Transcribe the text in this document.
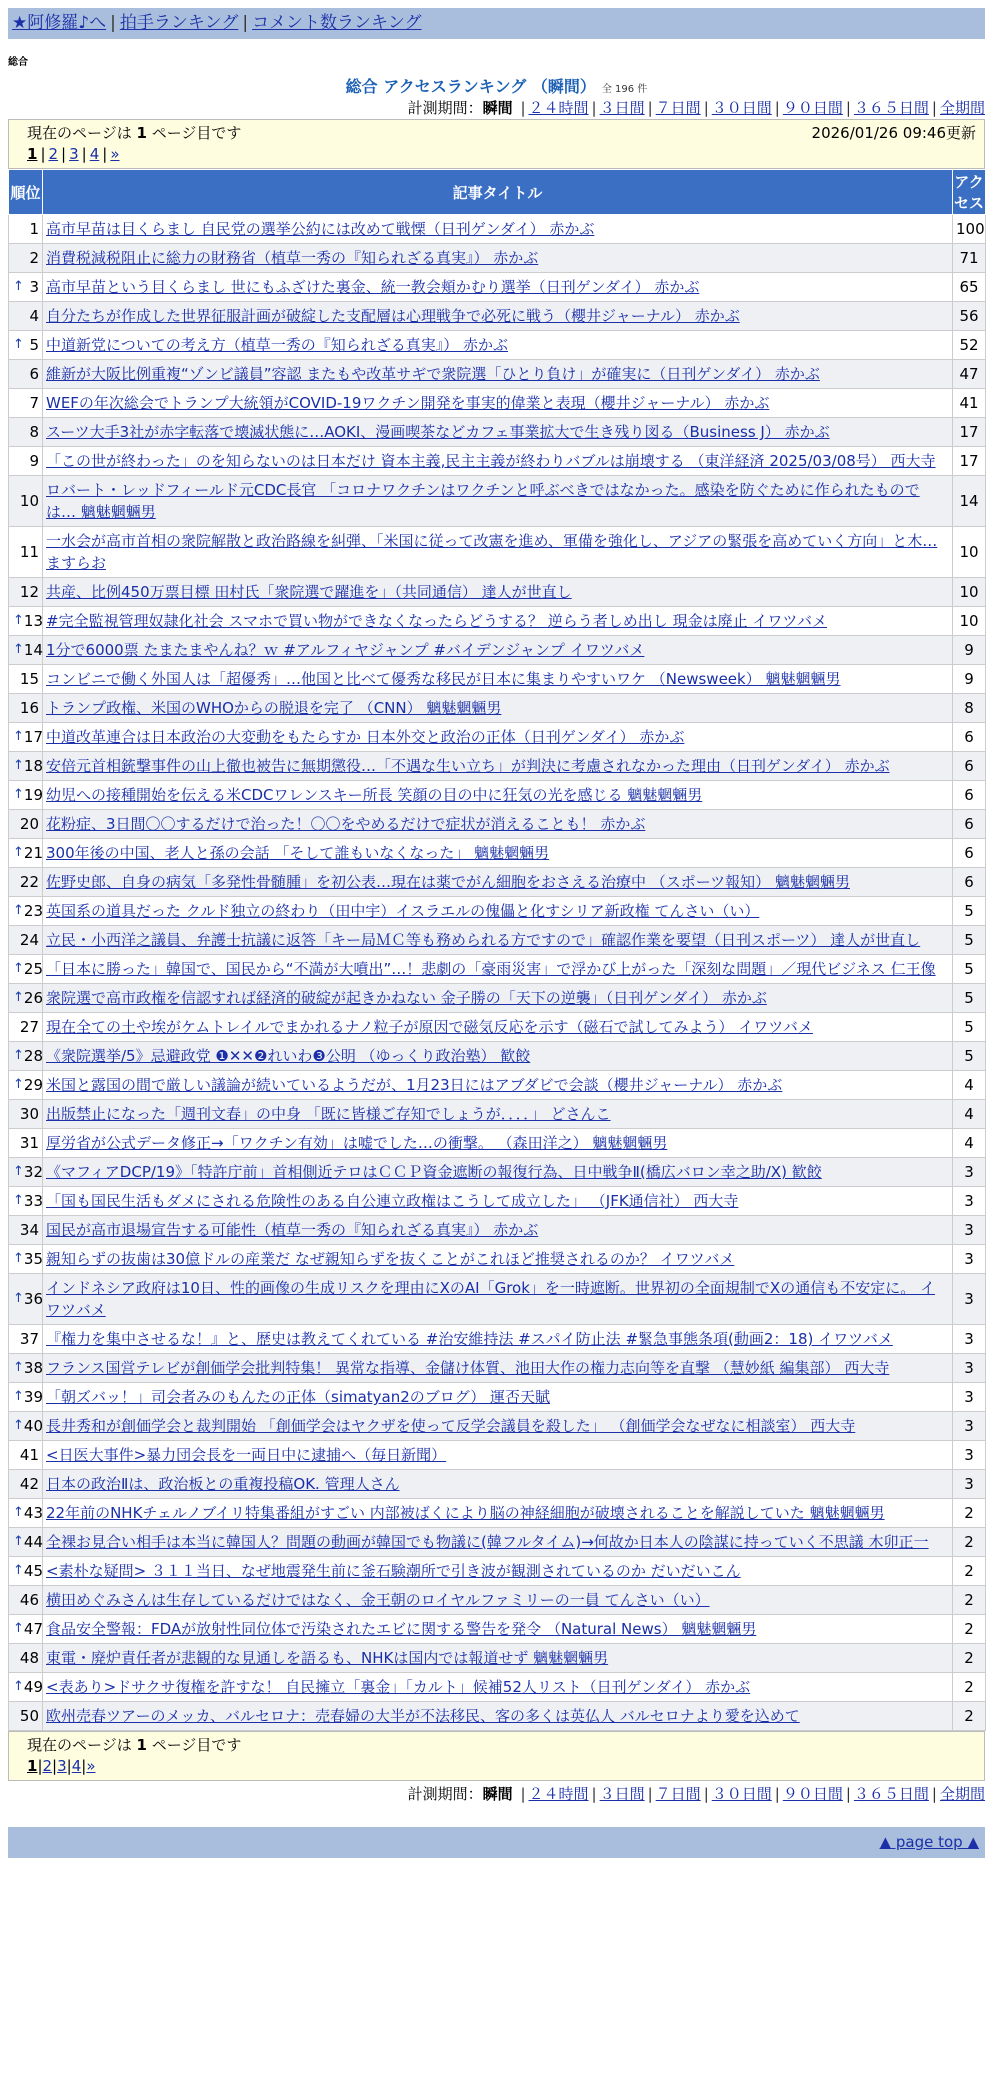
★阿修羅♪へ | 拍手ランキング | コメント数ランキング
総合
総合 アクセスランキング （瞬間） 全 196 件
計測期間：瞬間 | ２４時間 | ３日間 | ７日間 | ３０日間 | ９０日間 | ３６５日間 | 全期間
現在のページは 1 ページ目です	2026/01/26 09:46更新
1 | 2 | 3 | 4 | »
順位	記事タイトル	アクセス
1	高市早苗は目くらまし 自民党の選挙公約には改めて戦慄（日刊ゲンダイ） 赤かぶ	100
2	消費税減税阻止に総力の財務省（植草一秀の『知られざる真実』） 赤かぶ	71

↑ 3	高市早苗という目くらまし 世にもふざけた裏金、統一教会頬かむり選挙（日刊ゲンダイ） 赤かぶ	65
4	自分たちが作成した世界征服計画が破綻した支配層は心理戦争で必死に戦う（櫻井ジャーナル） 赤かぶ	56

↑ 5	中道新党についての考え方（植草一秀の『知られざる真実』） 赤かぶ	52
6	維新が大阪比例重複“ゾンビ議員”容認 またもや改革サギで衆院選「ひとり負け」が確実に（日刊ゲンダイ） 赤かぶ	47
7	WEFの年次総会でトランプ大統領がCOVID-19ワクチン開発を事実的偉業と表現（櫻井ジャーナル） 赤かぶ	41
8	スーツ大手3社が赤字転落で壊滅状態に…AOKI、漫画喫茶などカフェ事業拡大で生き残り図る（Business J） 赤かぶ	17
9	「この世が終わった」のを知らないのは日本だけ 資本主義,民主主義が終わりバブルは崩壊する （東洋経済 2025/03/08号） 西大寺	17
10	ロバート・レッドフィールド元CDC長官 「コロナワクチンはワクチンと呼ぶべきではなかった。感染を防ぐために作られたものでは… 魑魅魍魎男	14
11	一水会が高市首相の衆院解散と政治路線を糾弾、「米国に従って改憲を進め、軍備を強化し、アジアの緊張を高めていく方向」と木… ますらお	10
12	共産、比例450万票目標 田村氏「衆院選で躍進を」（共同通信） 達人が世直し	10

↑ 13	#完全監視管理奴隷化社会 スマホで買い物ができなくなったらどうする？ 逆らう者しめ出し 現金は廃止 イワツバメ	10

↑ 14	1分で6000票 たまたまやんね？ｗ #アルフィヤジャンプ #バイデンジャンプ イワツバメ	9
15	コンビニで働く外国人は「超優秀」…他国と比べて優秀な移民が日本に集まりやすいワケ （Newsweek） 魑魅魍魎男	9
16	トランプ政権、米国のWHOからの脱退を完了 （CNN） 魑魅魍魎男	8

↑ 17	中道改革連合は日本政治の大変動をもたらすか 日本外交と政治の正体（日刊ゲンダイ） 赤かぶ	6

↑ 18	安倍元首相銃撃事件の山上徹也被告に無期懲役…「不遇な生い立ち」が判決に考慮されなかった理由（日刊ゲンダイ） 赤かぶ	6

↑ 19	幼児への接種開始を伝える米CDCワレンスキー所長 笑顔の目の中に狂気の光を感じる 魑魅魍魎男	6
20	花粉症、3日間〇〇するだけで治った！〇〇をやめるだけで症状が消えることも！ 赤かぶ	6

↑ 21	300年後の中国、老人と孫の会話 「そして誰もいなくなった」 魑魅魍魎男	6
22	佐野史郎、自身の病気「多発性骨髄腫」を初公表…現在は薬でがん細胞をおさえる治療中 （スポーツ報知） 魑魅魍魎男	6

↑ 23	英国系の道具だった クルド独立の終わり（田中宇）イスラエルの傀儡と化すシリア新政権 てんさい（い）	5
24	立民・小西洋之議員、弁護士抗議に返答「キー局ＭＣ等も務められる方ですので」確認作業を要望（日刊スポーツ） 達人が世直し	5

↑ 25	「日本に勝った」韓国で、国民から“不満が大噴出”…！悲劇の「豪雨災害」で浮かび上がった「深刻な問題」／現代ビジネス 仁王像	5

↑ 26	衆院選で高市政権を信認すれば経済的破綻が起きかねない 金子勝の「天下の逆襲」（日刊ゲンダイ） 赤かぶ	5
27	現在全ての土や埃がケムトレイルでまかれるナノ粒子が原因で磁気反応を示す（磁石で試してみよう） イワツバメ	5

↑ 28	《衆院選挙/5》忌避政党 ❶✕✕❷れいわ❸公明 （ゆっくり政治塾） 歓餃	5

↑ 29	米国と露国の間で厳しい議論が続いているようだが、1月23日にはアブダビで会談（櫻井ジャーナル） 赤かぶ	4
30	出版禁止になった「週刊文春」の中身 「既に皆様ご存知でしょうが．．．．」 どさんこ	4
31	厚労省が公式データ修正→「ワクチン有効」は嘘でした…の衝撃。 （森田洋之） 魑魅魍魎男	4

↑ 32	《マフィアDCP/19》「特許庁前」首相側近テロはＣＣＰ資金遮断の報復行為、日中戦争Ⅱ(橋広バロン幸之助/X) 歓餃	3

↑ 33	「国も国民生活もダメにされる危険性のある自公連立政権はこうして成立した」 （JFK通信社） 西大寺	3
34	国民が高市退場宣告する可能性（植草一秀の『知られざる真実』） 赤かぶ	3

↑ 35	親知らずの抜歯は30億ドルの産業だ なぜ親知らずを抜くことがこれほど推奨されるのか？ イワツバメ	3

↑ 36	インドネシア政府は10日、性的画像の生成リスクを理由にXのAI「Grok」を一時遮断。世界初の全面規制でXの通信も不安定に。 イワツバメ	3
37	『権力を集中させるな！』と、歴史は教えてくれている #治安維持法 #スパイ防止法 #緊急事態条項(動画2：18) イワツバメ	3

↑ 38	フランス国営テレビが創価学会批判特集！ 異常な指導、金儲け体質、池田大作の権力志向等を直撃 （慧妙紙 編集部） 西大寺	3

↑ 39	「朝ズバッ！」司会者みのもんたの正体（simatyan2のブログ） 運否天賦	3

↑ 40	長井秀和が創価学会と裁判開始 「創価学会はヤクザを使って反学会議員を殺した」 （創価学会なぜなに相談室） 西大寺	3
41	<日医大事件>暴力団会長を一両日中に逮捕へ（毎日新聞）	3
42	日本の政治Ⅱは、政治板との重複投稿OK. 管理人さん	3

↑ 43	22年前のNHKチェルノブイリ特集番組がすごい 内部被ばくにより脳の神経細胞が破壊されることを解説していた 魑魅魍魎男	2

↑ 44	全裸お見合い相手は本当に韓国人？問題の動画が韓国でも物議に(韓フルタイム)→何故か日本人の陰謀に持っていく不思議 木卯正一	2

↑ 45	<素朴な疑問> ３１１当日、なぜ地震発生前に釜石験潮所で引き波が観測されているのか だいだいこん	2
46	横田めぐみさんは生存しているだけではなく、金王朝のロイヤルファミリーの一員 てんさい（い）	2

↑ 47	食品安全警報：FDAが放射性同位体で汚染されたエビに関する警告を発令 （Natural News） 魑魅魍魎男	2
48	東電・廃炉責任者が悲観的な見通しを語るも、NHKは国内では報道せず 魑魅魍魎男	2

↑ 49	<表あり>ドサクサ復権を許すな！ 自民擁立「裏金」「カルト」候補52人リスト（日刊ゲンダイ） 赤かぶ	2
50	欧州売春ツアーのメッカ、バルセロナ：売春婦の大半が不法移民、客の多くは英仏人 バルセロナより愛を込めて	2
現在のページは 1 ページ目です
1|2|3|4|»
計測期間：瞬間 | ２４時間 | ３日間 | ７日間 | ３０日間 | ９０日間 | ３６５日間 | 全期間
▲ page top ▲
